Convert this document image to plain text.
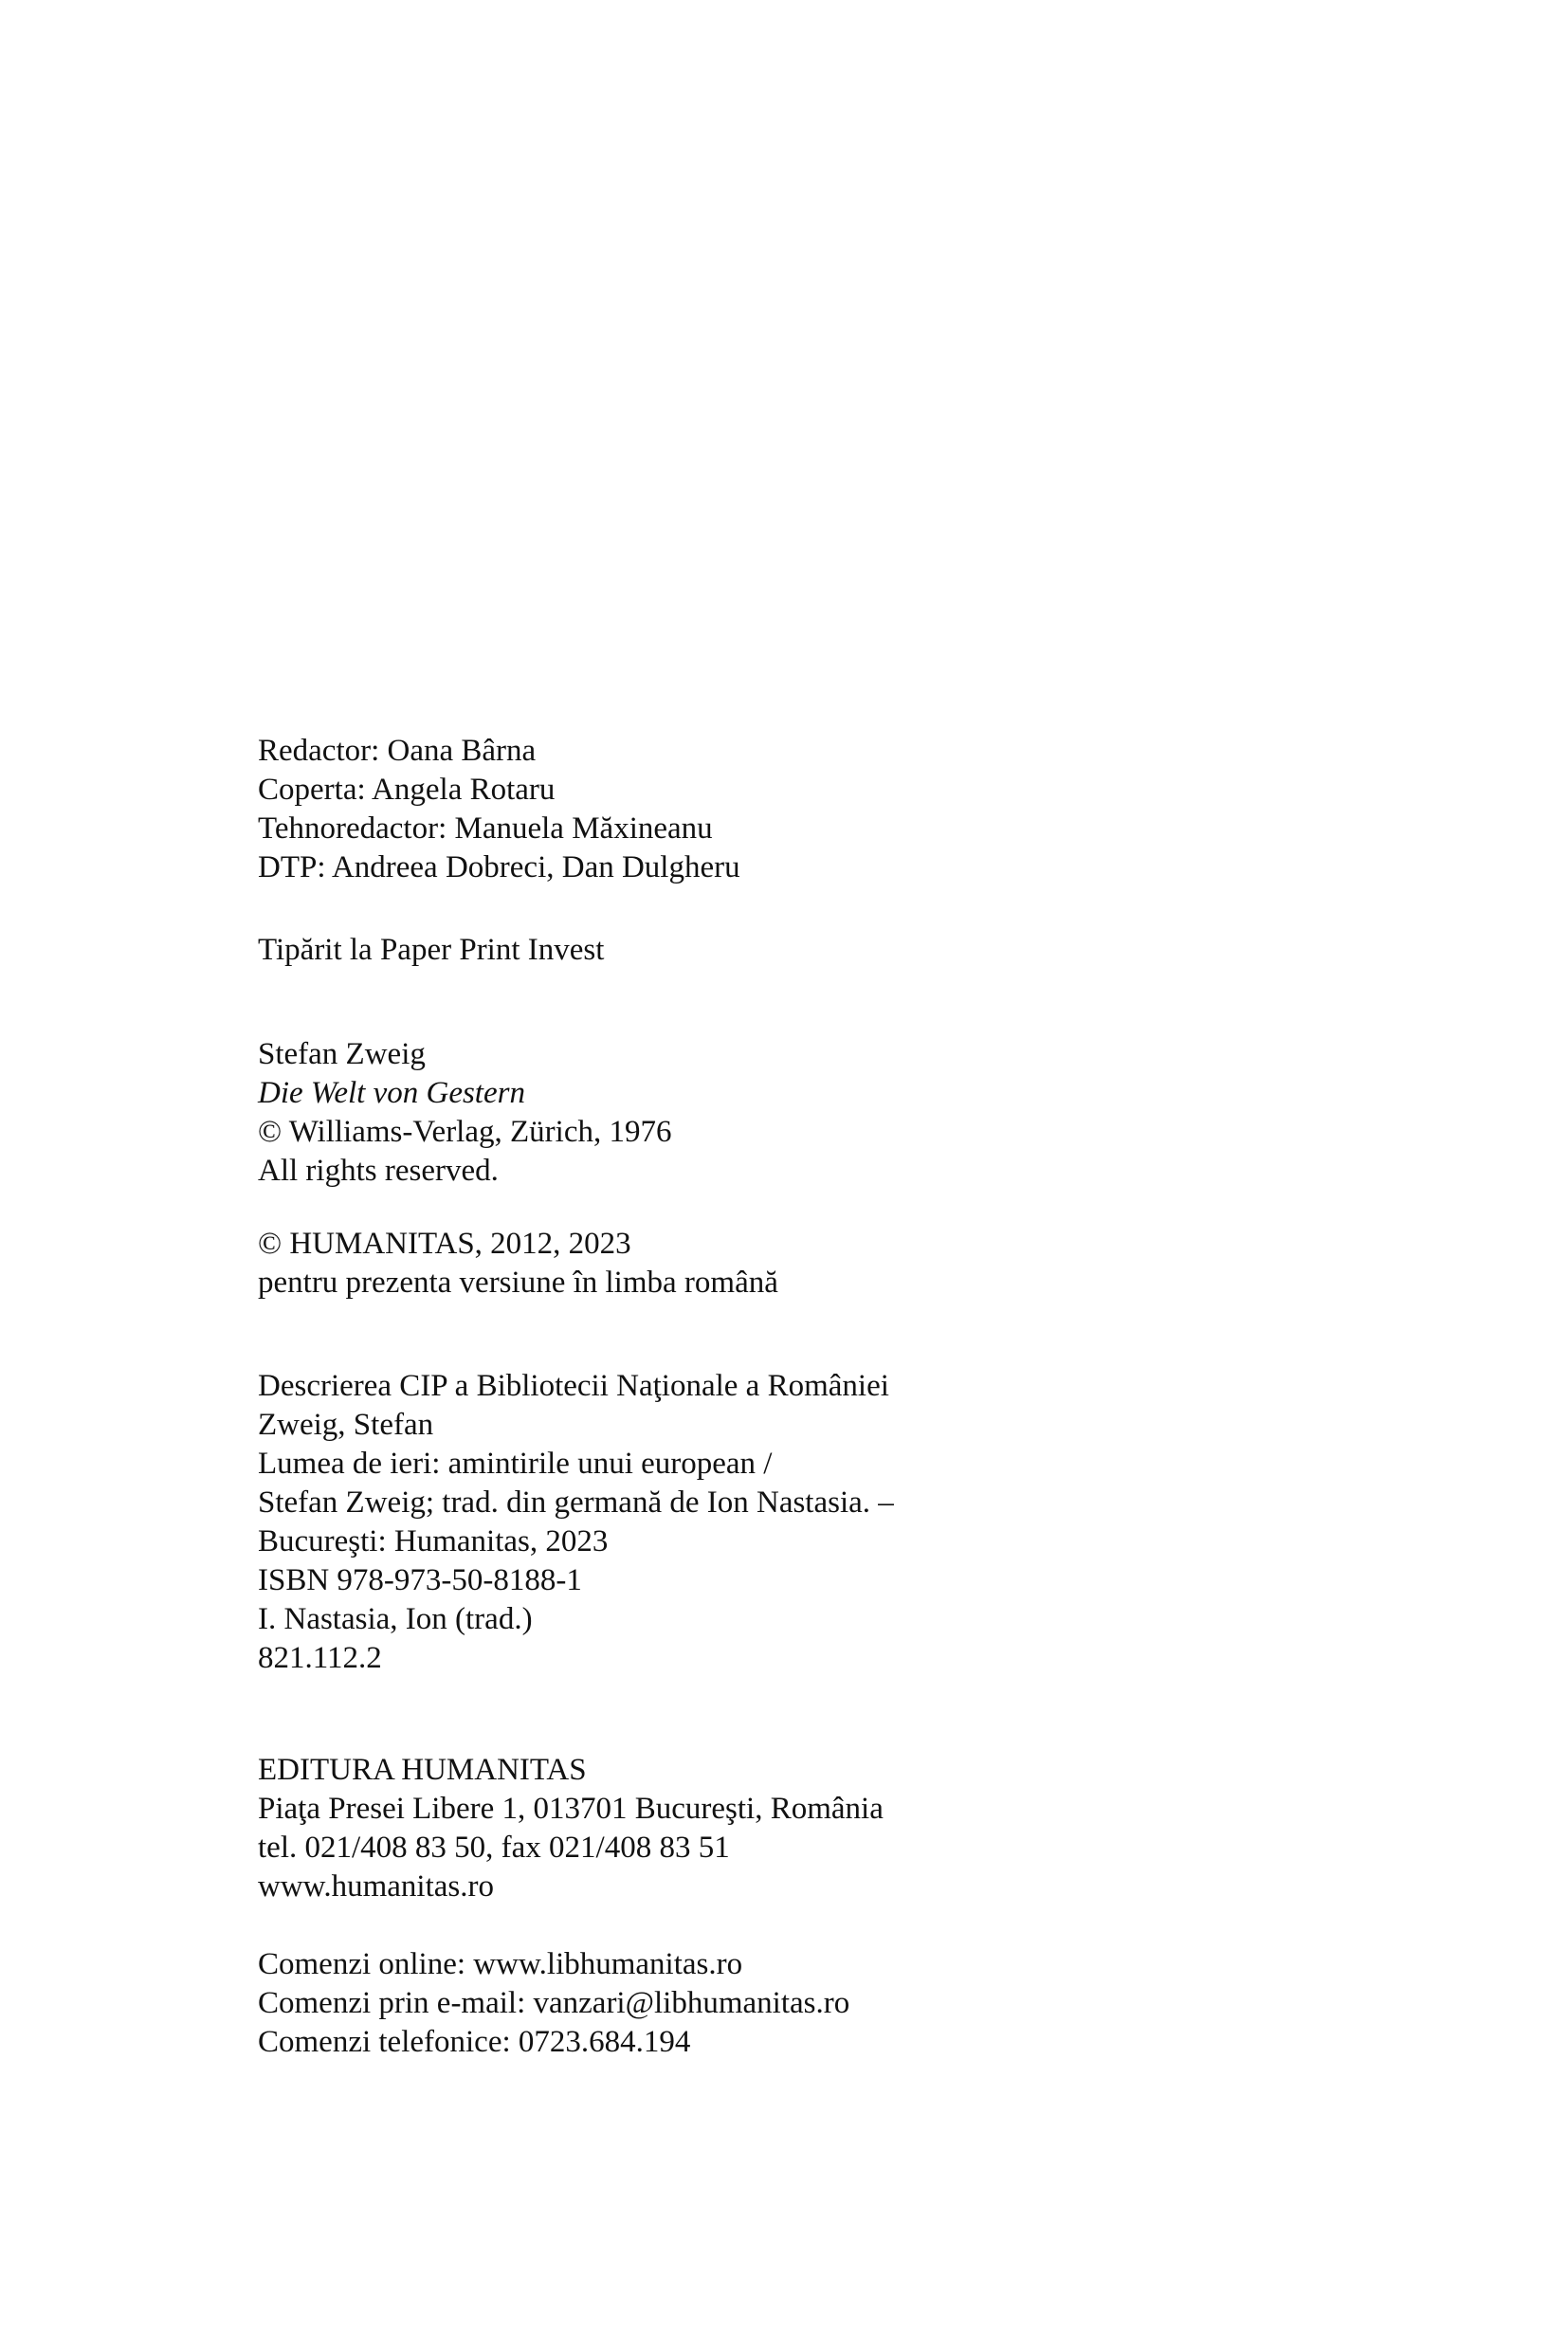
Redactor: Oana Bârna
Coperta: Angela Rotaru
Tehnoredactor: Manuela Măxineanu
DTP: Andreea Dobreci, Dan Dulgheru
Tipărit la Paper Print Invest
Stefan Zweig
Die Welt von Gestern
© Williams-Verlag, Zürich, 1976
All rights reserved.
© HUMANITAS, 2012, 2023
pentru prezenta versiune în limba română
Descrierea CIP a Bibliotecii Naţionale a României
Zweig, Stefan
Lumea de ieri: amintirile unui european /
Stefan Zweig; trad. din germană de Ion Nastasia. –
Bucureşti: Humanitas, 2023
ISBN 978-973-50-8188-1
I. Nastasia, Ion (trad.)
821.112.2
EDITURA HUMANITAS
Piaţa Presei Libere 1, 013701 Bucureşti, România
tel. 021/408 83 50, fax 021/408 83 51
www.humanitas.ro
Comenzi online: www.libhumanitas.ro
Comenzi prin e-mail: vanzari@libhumanitas.ro
Comenzi telefonice: 0723.684.194
